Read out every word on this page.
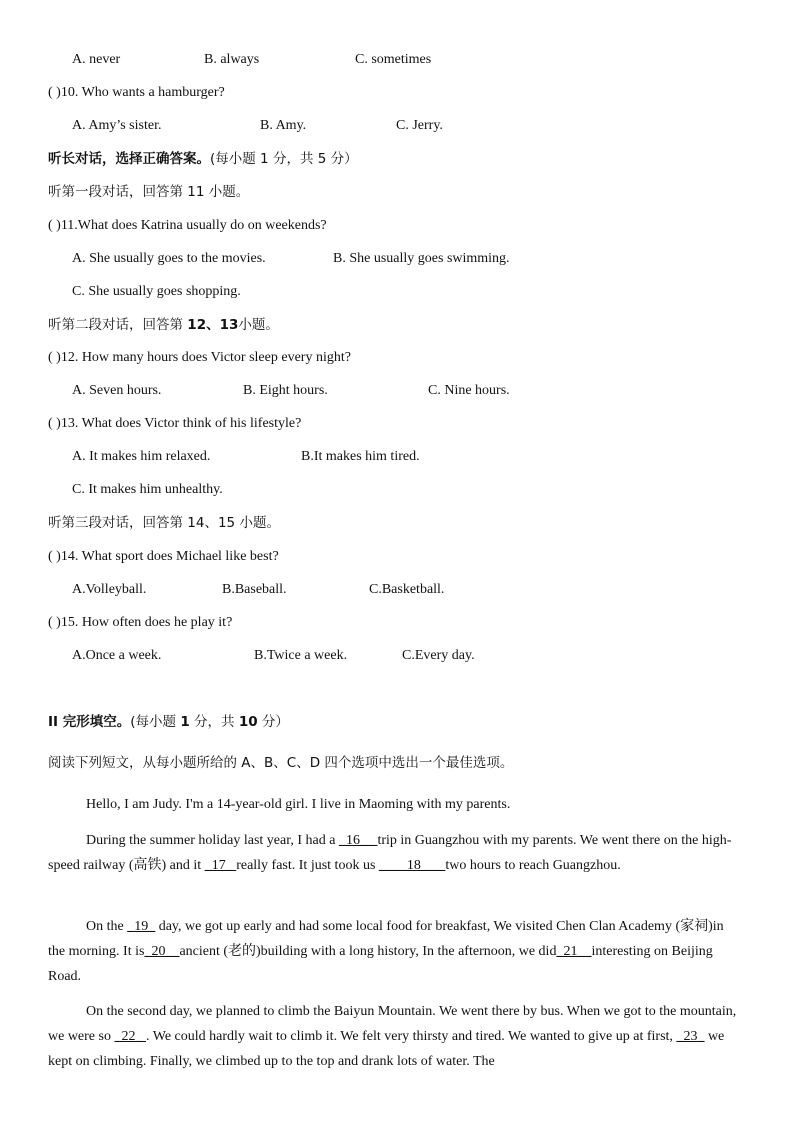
A. never	B. always	C. sometimes
( )10. Who wants a hamburger?
A. Amy’s sister.	B. Amy.	C. Jerry.
听长对话，选择正确答案。(每小题 1 分，共 5 分）
听第一段对话，回答第 11 小题。
( )11.What does Katrina usually do on weekends?
A. She usually goes to the movies.	B. She usually goes swimming.
C. She usually goes shopping.
听第二段对话，回答第 12、13小题。
( )12. How many hours does Victor sleep every night?
A. Seven hours.	B. Eight hours.	C. Nine hours.
( )13. What does Victor think of his lifestyle?
A. It makes him relaxed.	B.It makes him tired.
C. It makes him unhealthy.
听第三段对话，回答第 14、15 小题。
( )14. What sport does Michael like best?
A.Volleyball.	B.Baseball.	C.Basketball.
( )15. How often does he play it?
A.Once a week.	B.Twice a week.	C.Every day.
II 完形填空。(每小题 1 分，共 10 分）
阅读下列短文，从每小题所给的 A、B、C、D 四个选项中选出一个最佳选项。
Hello, I am Judy. I'm a 14-year-old girl. I live in Maoming with my parents.
During the summer holiday last year, I had a _16__ trip in Guangzhou with my parents. We went there on the high-speed railway (高铁) and it _17_ really fast. It just took us ____18___ two hours to reach Guangzhou.
On the _19_ day, we got up early and had some local food for breakfast, We visited Chen Clan Academy (家祠)in the morning. It is_20__ancient (老的)building with a long history, In the afternoon, we did_21__interesting on Beijing Road.
On the second day, we planned to climb the Baiyun Mountain. We went there by bus. When we got to the mountain, we were so _22_ . We could hardly wait to climb it. We felt very thirsty and tired. We wanted to give up at first, _23_ we kept on climbing. Finally, we climbed up to the top and drank lots of water. The
